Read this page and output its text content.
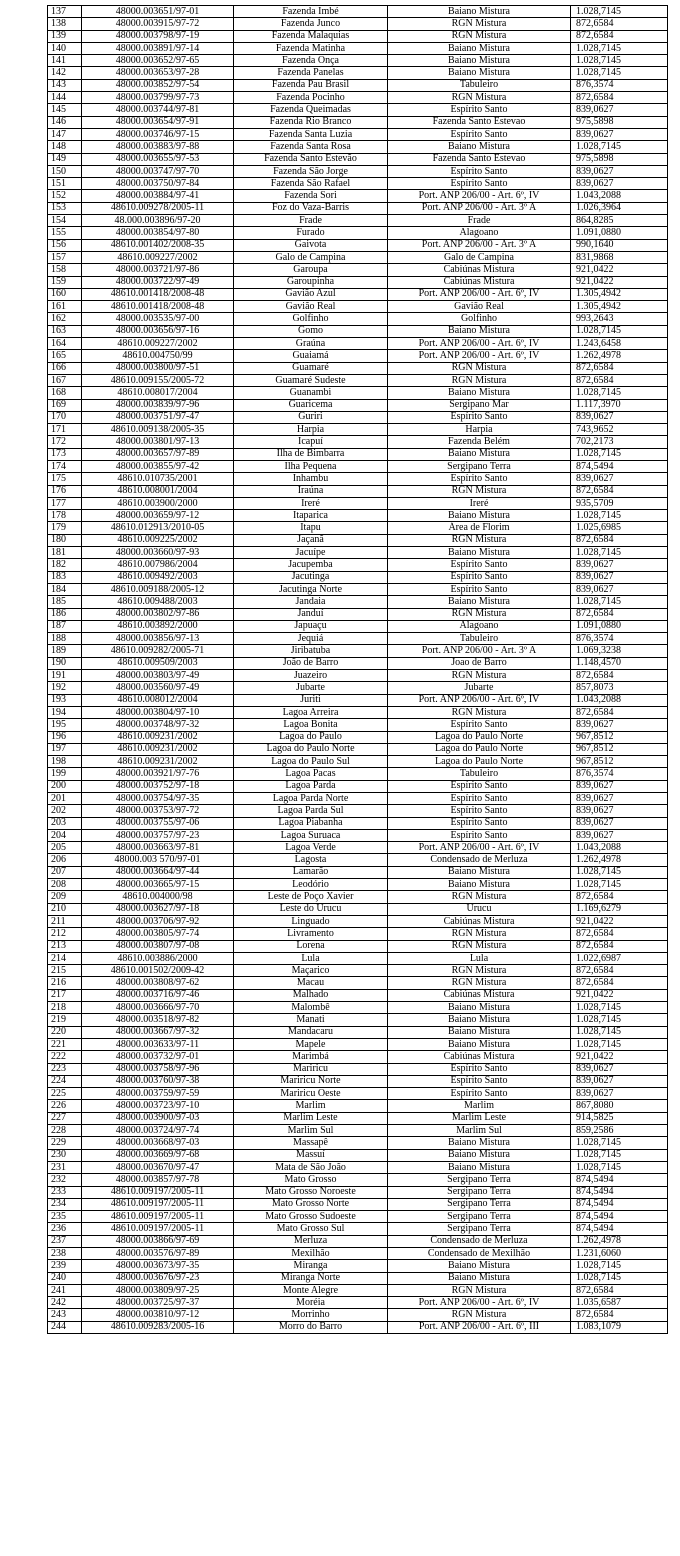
137	48000.003651/97-01	Fazenda Imbé	Baiano Mistura	1.028,7145
138	48000.003915/97-72	Fazenda Junco	RGN Mistura	872,6584
139	48000.003798/97-19	Fazenda Malaquias	RGN Mistura	872,6584
140	48000.003891/97-14	Fazenda Matinha	Baiano Mistura	1.028,7145
141	48000.003652/97-65	Fazenda Onça	Baiano Mistura	1.028,7145
142	48000.003653/97-28	Fazenda Panelas	Baiano Mistura	1.028,7145
143	48000.003852/97-54	Fazenda Pau Brasil	Tabuleiro	876,3574
144	48000.003799/97-73	Fazenda Pocinho	RGN Mistura	872,6584
145	48000.003744/97-81	Fazenda Queimadas	Espírito Santo	839,0627
146	48000.003654/97-91	Fazenda Rio Branco	Fazenda Santo Estevao	975,5898
147	48000.003746/97-15	Fazenda Santa Luzia	Espírito Santo	839,0627
148	48000.003883/97-88	Fazenda Santa Rosa	Baiano Mistura	1.028,7145
149	48000.003655/97-53	Fazenda Santo Estevão	Fazenda Santo Estevao	975,5898
150	48000.003747/97-70	Fazenda São Jorge	Espírito Santo	839,0627
151	48000.003750/97-84	Fazenda São Rafael	Espírito Santo	839,0627
152	48000.003884/97-41	Fazenda Sori	Port. ANP 206/00 - Art. 6º, IV	1.043,2088
153	48610.009278/2005-11	Foz do Vaza-Barris	Port. ANP 206/00 - Art. 3º A	1.026,3964
154	48.000.003896/97-20	Frade	Frade	864,8285
155	48000.003854/97-80	Furado	Alagoano	1.091,0880
156	48610.001402/2008-35	Gaivota	Port. ANP 206/00 - Art. 3º A	990,1640
157	48610.009227/2002	Galo de Campina	Galo de Campina	831,9868
158	48000.003721/97-86	Garoupa	Cabiúnas Mistura	921,0422
159	48000.003722/97-49	Garoupinha	Cabiúnas Mistura	921,0422
160	48610.001418/2008-48	Gavião Azul	Port. ANP 206/00 - Art. 6º, IV	1.305,4942
161	48610.001418/2008-48	Gavião Real	Gavião Real	1.305,4942
162	48000.003535/97-00	Golfinho	Golfinho	993,2643
163	48000.003656/97-16	Gomo	Baiano Mistura	1.028,7145
164	48610.009227/2002	Graúna	Port. ANP 206/00 - Art. 6º, IV	1.243,6458
165	48610.004750/99	Guaiamá	Port. ANP 206/00 - Art. 6º, IV	1.262,4978
166	48000.003800/97-51	Guamaré	RGN Mistura	872,6584
167	48610.009155/2005-72	Guamaré Sudeste	RGN Mistura	872,6584
168	48610.008017/2004	Guanambi	Baiano Mistura	1.028,7145
169	48000.003839/97-96	Guaricema	Sergipano Mar	1.117,3970
170	48000.003751/97-47	Guriri	Espírito Santo	839,0627
171	48610.009138/2005-35	Harpia	Harpia	743,9652
172	48000.003801/97-13	Icapuí	Fazenda Belém	702,2173
173	48000.003657/97-89	Ilha de Bimbarra	Baiano Mistura	1.028,7145
174	48000.003855/97-42	Ilha Pequena	Sergipano Terra	874,5494
175	48610.010735/2001	Inhambu	Espírito Santo	839,0627
176	48610.008001/2004	Iraúna	RGN Mistura	872,6584
177	48610.003900/2000	Ireré	Ireré	935,5709
178	48000.003659/97-12	Itaparica	Baiano Mistura	1.028,7145
179	48610.012913/2010-05	Itapu	Área de Florim	1.025,6985
180	48610.009225/2002	Jaçanã	RGN Mistura	872,6584
181	48000.003660/97-93	Jacuípe	Baiano Mistura	1.028,7145
182	48610.007986/2004	Jacupemba	Espírito Santo	839,0627
183	48610.009492/2003	Jacutinga	Espírito Santo	839,0627
184	48610.009188/2005-12	Jacutinga Norte	Espírito Santo	839,0627
185	48610.009488/2003	Jandaia	Baiano Mistura	1.028,7145
186	48000.003802/97-86	Janduí	RGN Mistura	872,6584
187	48610.003892/2000	Japuaçu	Alagoano	1.091,0880
188	48000.003856/97-13	Jequiá	Tabuleiro	876,3574
189	48610.009282/2005-71	Jiribatuba	Port. ANP 206/00 - Art. 3º A	1.069,3238
190	48610.009509/2003	João de Barro	Joao de Barro	1.148,4570
191	48000.003803/97-49	Juazeiro	RGN Mistura	872,6584
192	48000.003560/97-49	Jubarte	Jubarte	857,8073
193	48610.008012/2004	Juriti	Port. ANP 206/00 - Art. 6º, IV	1.043,2088
194	48000.003804/97-10	Lagoa Arreira	RGN Mistura	872,6584
195	48000.003748/97-32	Lagoa Bonita	Espírito Santo	839,0627
196	48610.009231/2002	Lagoa do Paulo	Lagoa do Paulo Norte	967,8512
197	48610.009231/2002	Lagoa do Paulo Norte	Lagoa do Paulo Norte	967,8512
198	48610.009231/2002	Lagoa do Paulo Sul	Lagoa do Paulo Norte	967,8512
199	48000.003921/97-76	Lagoa Pacas	Tabuleiro	876,3574
200	48000.003752/97-18	Lagoa Parda	Espírito Santo	839,0627
201	48000.003754/97-35	Lagoa Parda Norte	Espírito Santo	839,0627
202	48000.003753/97-72	Lagoa Parda Sul	Espírito Santo	839,0627
203	48000.003755/97-06	Lagoa Piabanha	Espírito Santo	839,0627
204	48000.003757/97-23	Lagoa Suruaca	Espírito Santo	839,0627
205	48000.003663/97-81	Lagoa Verde	Port. ANP 206/00 - Art. 6º, IV	1.043,2088
206	48000.003 570/97-01	Lagosta	Condensado de Merluza	1.262,4978
207	48000.003664/97-44	Lamarão	Baiano Mistura	1.028,7145
208	48000.003665/97-15	Leodório	Baiano Mistura	1.028,7145
209	48610.004000/98	Leste de Poço Xavier	RGN Mistura	872,6584
210	48000.003627/97-18	Leste do Urucu	Urucu	1.169,6279
211	48000.003706/97-92	Linguado	Cabiúnas Mistura	921,0422
212	48000.003805/97-74	Livramento	RGN Mistura	872,6584
213	48000.003807/97-08	Lorena	RGN Mistura	872,6584
214	48610.003886/2000	Lula	Lula	1.022,6987
215	48610.001502/2009-42	Maçarico	RGN Mistura	872,6584
216	48000.003808/97-62	Macau	RGN Mistura	872,6584
217	48000.003716/97-46	Malhado	Cabiúnas Mistura	921,0422
218	48000.003666/97-70	Malombê	Baiano Mistura	1.028,7145
219	48000.003518/97-82	Manati	Baiano Mistura	1.028,7145
220	48000.003667/97-32	Mandacaru	Baiano Mistura	1.028,7145
221	48000.003633/97-11	Mapele	Baiano Mistura	1.028,7145
222	48000.003732/97-01	Marimbá	Cabiúnas Mistura	921,0422
223	48000.003758/97-96	Mariricu	Espírito Santo	839,0627
224	48000.003760/97-38	Mariricu Norte	Espírito Santo	839,0627
225	48000.003759/97-59	Mariricu Oeste	Espírito Santo	839,0627
226	48000.003723/97-10	Marlim	Marlim	867,8080
227	48000.003900/97-03	Marlim Leste	Marlim Leste	914,5825
228	48000.003724/97-74	Marlim Sul	Marlim Sul	859,2586
229	48000.003668/97-03	Massapê	Baiano Mistura	1.028,7145
230	48000.003669/97-68	Massuí	Baiano Mistura	1.028,7145
231	48000.003670/97-47	Mata de São João	Baiano Mistura	1.028,7145
232	48000.003857/97-78	Mato Grosso	Sergipano Terra	874,5494
233	48610.009197/2005-11	Mato Grosso Noroeste	Sergipano Terra	874,5494
234	48610.009197/2005-11	Mato Grosso Norte	Sergipano Terra	874,5494
235	48610.009197/2005-11	Mato Grosso Sudoeste	Sergipano Terra	874,5494
236	48610.009197/2005-11	Mato Grosso Sul	Sergipano Terra	874,5494
237	48000.003866/97-69	Merluza	Condensado de Merluza	1.262,4978
238	48000.003576/97-89	Mexilhão	Condensado de Mexilhão	1.231,6060
239	48000.003673/97-35	Miranga	Baiano Mistura	1.028,7145
240	48000.003676/97-23	Miranga Norte	Baiano Mistura	1.028,7145
241	48000.003809/97-25	Monte Alegre	RGN Mistura	872,6584
242	48000.003725/97-37	Moréia	Port. ANP 206/00 - Art. 6º, IV	1.035,6587
243	48000.003810/97-12	Morrinho	RGN Mistura	872,6584
244	48610.009283/2005-16	Morro do Barro	Port. ANP 206/00 - Art. 6º, III	1.083,1079
